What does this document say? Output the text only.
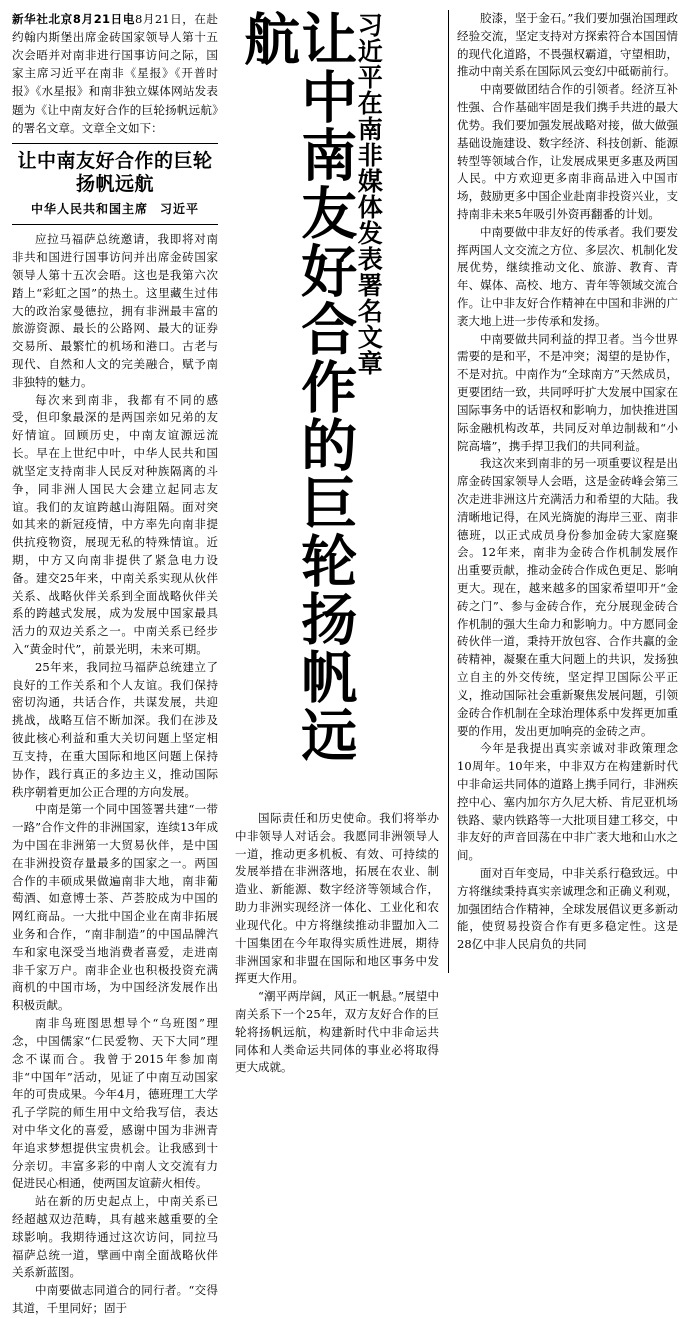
胶漆，坚于金石。”我们要加强治国理政经验交流，坚定支持对方探索符合本国国情的现代化道路，不畏强权霸道，守望相助，推动中南关系在国际风云变幻中砥砺前行。

中南要做团结合作的引领者。经济互补性强、合作基础牢固是我们携手共进的最大优势。我们要加强发展战略对接，做大做强基础设施建设、数字经济、科技创新、能源转型等领域合作，让发展成果更多惠及两国人民。中方欢迎更多南非商品进入中国市场，鼓励更多中国企业赴南非投资兴业，支持南非未来5年吸引外资再翻番的计划。

中南要做中非友好的传承者。我们要发挥两国人文交流之方位、多层次、机制化发展优势，继续推动文化、旅游、教育、青年、媒体、高校、地方、青年等领域交流合作。让中非友好合作精神在中国和非洲的广袤大地上进一步传承和发扬。

中南要做共同利益的捍卫者。当今世界需要的是和平，不是冲突；渴望的是协作，不是对抗。中南作为“全球南方”天然成员，更要团结一致，共同呼吁扩大发展中国家在国际事务中的话语权和影响力，加快推进国际金融机构改革，共同反对单边制裁和“小院高墙”，携手捍卫我们的共同利益。

我这次来到南非的另一项重要议程是出席金砖国家领导人会晤，这是金砖峰会第三次走进非洲这片充满活力和希望的大陆。我清晰地记得，在风光旖旎的海岸三亚、南非德班，以正式成员身份参加金砖大家庭聚会。12年来，南非为金砖合作机制发展作出重要贡献，推动金砖合作成色更足、影响更大。现在，越来越多的国家希望叩开“金砖之门”、参与金砖合作，充分展现金砖合作机制的强大生命力和影响力。中方愿同金砖伙伴一道，秉持开放包容、合作共赢的金砖精神，凝聚在重大问题上的共识，发扬独立自主的外交传统，坚定捍卫国际公平正义，推动国际社会重新聚焦发展问题，引领金砖合作机制在全球治理体系中发挥更加重要的作用，发出更加响亮的金砖之声。

今年是我提出真实亲诚对非政策理念10周年。10年来，中非双方在构建新时代中非命运共同体的道路上携手同行，非洲疾控中心、塞内加尔方久尼大桥、肯尼亚机场铁路、蒙内铁路等一大批项目建工移交，中非友好的声音回荡在中非广袤大地和山水之间。

面对百年变局，中非关系行稳致远。中方将继续秉持真实亲诚理念和正确义利观，加强团结合作精神，全球发展倡议更多新动能，使贸易投资合作有更多稳定性。这是28亿中非人民肩负的共同

让中南友好合作的巨轮扬帆远航	习近平在南非媒体发表署名文章

国际责任和历史使命。我们将举办中非领导人对话会。我愿同非洲领导人一道，推动更多机板、有效、可持续的发展举措在非洲落地，拓展在农业、制造业、新能源、数字经济等领域合作，助力非洲实现经济一体化、工业化和农业现代化。中方将继续推动非盟加入二十国集团在今年取得实质性进展，期待非洲国家和非盟在国际和地区事务中发挥更大作用。

“潮平两岸阔，风正一帆悬。”展望中南关系下一个25年，双方友好合作的巨轮将扬帆远航，构建新时代中非命运共同体和人类命运共同体的事业必将取得更大成就。

新华社北京8月21日电8月21日，在赴约翰内斯堡出席金砖国家领导人第十五次会晤并对南非进行国事访问之际，国家主席习近平在南非《星报》《开普时报》《水星报》和南非独立媒体网站发表题为《让中南友好合作的巨轮扬帆远航》的署名文章。文章全文如下：

让中南友好合作的巨轮扬帆远航
中华人民共和国主席 习近平

应拉马福萨总统邀请，我即将对南非共和国进行国事访问并出席金砖国家领导人第十五次会晤。这也是我第六次踏上“彩虹之国”的热土。这里藏生过伟大的政治家曼德拉，拥有非洲最丰富的旅游资源、最长的公路网、最大的证券交易所、最繁忙的机场和港口。古老与现代、自然和人文的完美融合，赋予南非独特的魅力。

每次来到南非，我都有不同的感受，但印象最深的是两国亲如兄弟的友好情谊。回顾历史，中南友谊源远流长。早在上世纪中叶，中华人民共和国就坚定支持南非人民反对种族隔离的斗争，同非洲人国民大会建立起同志友谊。我们的友谊跨越山海阻隔。面对突如其来的新冠疫情，中方率先向南非提供抗疫物资，展现无私的特殊情谊。近期，中方又向南非提供了紧急电力设备。建交25年来，中南关系实现从伙伴关系、战略伙伴关系到全面战略伙伴关系的跨越式发展，成为发展中国家最具活力的双边关系之一。中南关系已经步入“黄金时代”，前景光明，未来可期。

25年来，我同拉马福萨总统建立了良好的工作关系和个人友谊。我们保持密切沟通，共话合作，共谋发展，共迎挑战，战略互信不断加深。我们在涉及彼此核心利益和重大关切问题上坚定相互支持，在重大国际和地区问题上保持协作，践行真正的多边主义，推动国际秩序朝着更加公正合理的方向发展。

中南是第一个同中国签署共建“一带一路”合作文件的非洲国家，连续13年成为中国在非洲第一大贸易伙伴，是中国在非洲投资存量最多的国家之一。两国合作的丰硕成果做遍南非大地，南非葡萄酒、如意博士茶、芦荟胶成为中国的网红商品。一大批中国企业在南非拓展业务和合作，“南非制造”的中国品牌汽车和家电深受当地消费者喜爱，走进南非千家万户。南非企业也积极投资充满商机的中国市场，为中国经济发展作出积极贡献。

南非鸟班图思想导个“乌班图”理念，中国儒家“仁民爱物、天下大同”理念不谋而合。我曾于2015年参加南非“中国年”活动，见证了中南互动国家年的可贵成果。今年4月，德班理工大学孔子学院的师生用中文给我写信，表达对中华文化的喜爱，感谢中国为非洲青年追求梦想提供宝贵机会。让我感到十分亲切。丰富多彩的中南人文交流有力促进民心相通，使两国友谊薪火相传。

站在新的历史起点上，中南关系已经超越双边范畴，具有越来越重要的全球影响。我期待通过这次访问，同拉马福萨总统一道，擘画中南全面战略伙伴关系新蓝图。

中南要做志同道合的同行者。“交得其道，千里同好；固于
